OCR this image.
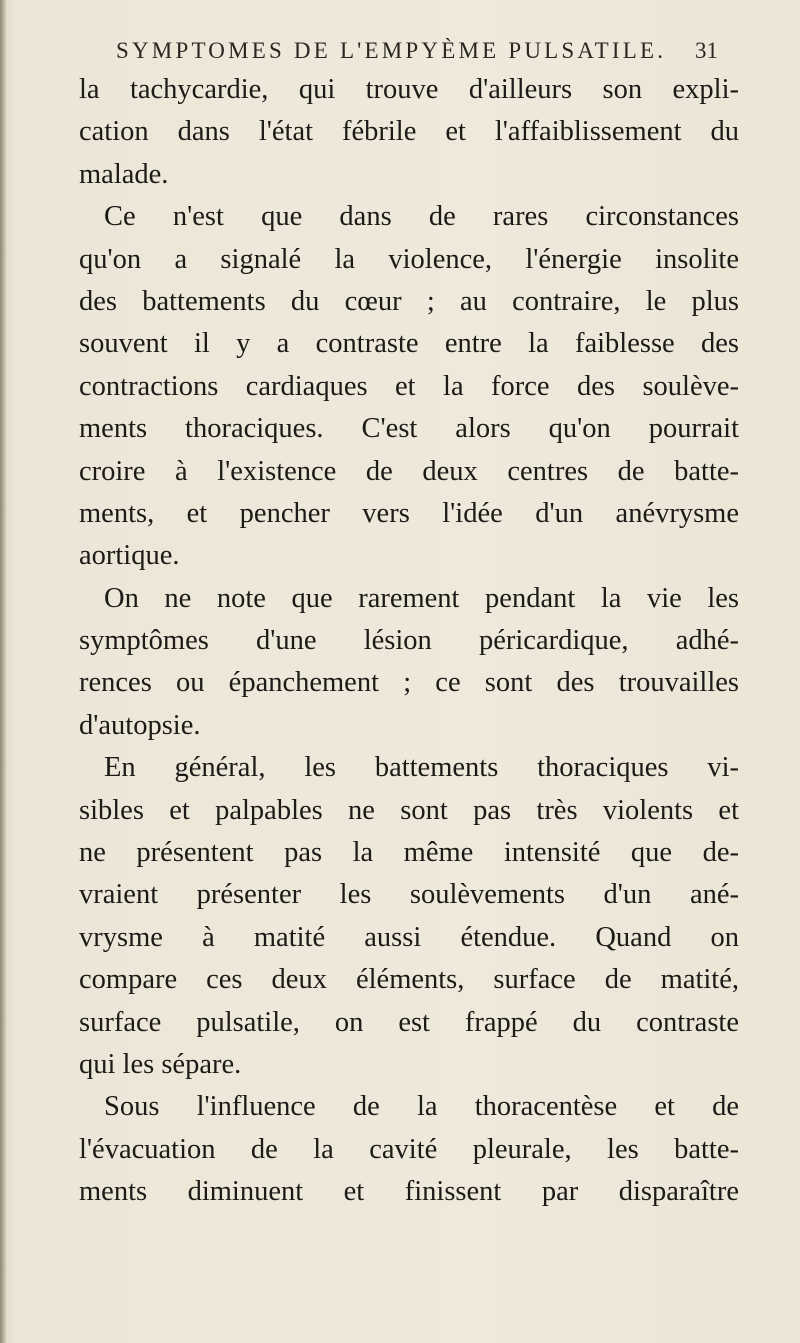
SYMPTOMES DE L'EMPYÈME PULSATILE. 31
la tachycardie, qui trouve d'ailleurs son expli-
cation dans l'état fébrile et l'affaiblissement du
malade.
Ce n'est que dans de rares circonstances
qu'on a signalé la violence, l'énergie insolite
des battements du cœur ; au contraire, le plus
souvent il y a contraste entre la faiblesse des
contractions cardiaques et la force des soulève-
ments thoraciques. C'est alors qu'on pourrait
croire à l'existence de deux centres de batte-
ments, et pencher vers l'idée d'un anévrysme
aortique.
On ne note que rarement pendant la vie les
symptômes d'une lésion péricardique, adhé-
rences ou épanchement ; ce sont des trouvailles
d'autopsie.
En général, les battements thoraciques vi-
sibles et palpables ne sont pas très violents et
ne présentent pas la même intensité que de-
vraient présenter les soulèvements d'un ané-
vrysme à matité aussi étendue. Quand on
compare ces deux éléments, surface de matité,
surface pulsatile, on est frappé du contraste
qui les sépare.
Sous l'influence de la thoracentèse et de
l'évacuation de la cavité pleurale, les batte-
ments diminuent et finissent par disparaître
